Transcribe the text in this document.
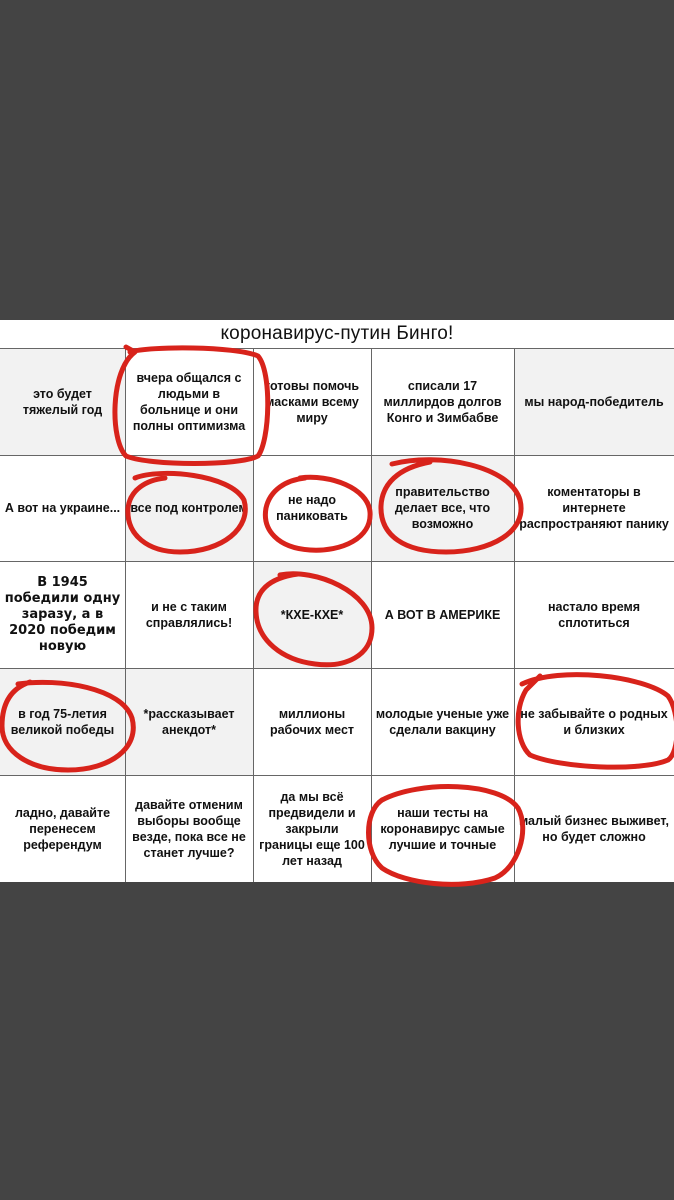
коронавирус-путин Бинго!
это будет тяжелый год
вчера общался с людьми в больнице и они полны оптимизма
готовы помочь масками всему миру
списали 17 миллирдов долгов Конго и Зимбабве
мы народ-победитель
А вот на украине... все под контролем
не надо паниковать
правительство делает все, что возможно
коментаторы в интернете распространяют панику
В 1945 победили одну заразу, а в 2020 победим новую
и не с таким справлялись!
*КХЕ-КХЕ*	А ВОТ В АМЕРИКЕ
настало время сплотиться
в год 75-летия великой победы
*рассказывает анекдот*
миллионы рабочих мест
молодые ученые уже сделали вакцину
не забывайте о родных и близких
ладно, давайте перенесем референдум
давайте отменим выборы вообще везде, пока все не станет лучше?
да мы всё предвидели и закрыли границы еще 100 лет назад
наши тесты на коронавирус самые лучшие и точные
малый бизнес выживет, но будет сложно
